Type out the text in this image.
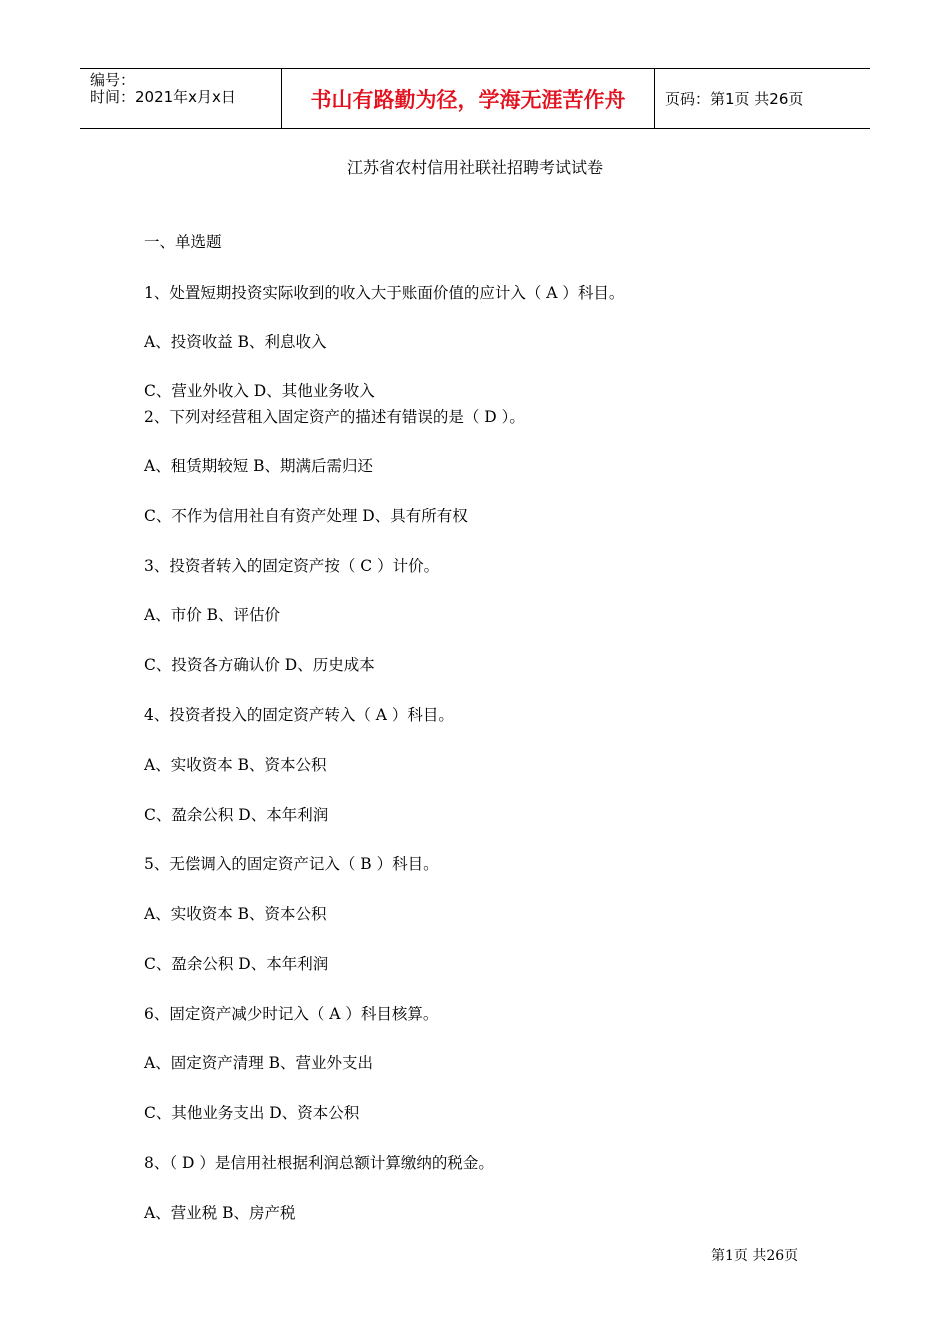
编号：
时间：2021年x月x日	书山有路勤为径，学海无涯苦作舟	页码：第1页 共26页
江苏省农村信用社联社招聘考试试卷
一、单选题
1、处置短期投资实际收到的收入大于账面价值的应计入（ A ）科目。
A、投资收益 B、利息收入
C、营业外收入 D、其他业务收入
2、下列对经营租入固定资产的描述有错误的是（ D ）。
A、租赁期较短 B、期满后需归还
C、不作为信用社自有资产处理 D、具有所有权
3、投资者转入的固定资产按（ C ）计价。
A、市价 B、评估价
C、投资各方确认价 D、历史成本
4、投资者投入的固定资产转入（ A ）科目。
A、实收资本 B、资本公积
C、盈余公积 D、本年利润
5、无偿调入的固定资产记入（ B ）科目。
A、实收资本 B、资本公积
C、盈余公积 D、本年利润
6、固定资产减少时记入（ A ）科目核算。
A、固定资产清理 B、营业外支出
C、其他业务支出 D、资本公积
8、（ D ）是信用社根据利润总额计算缴纳的税金。
A、营业税 B、房产税
第1页 共26页
